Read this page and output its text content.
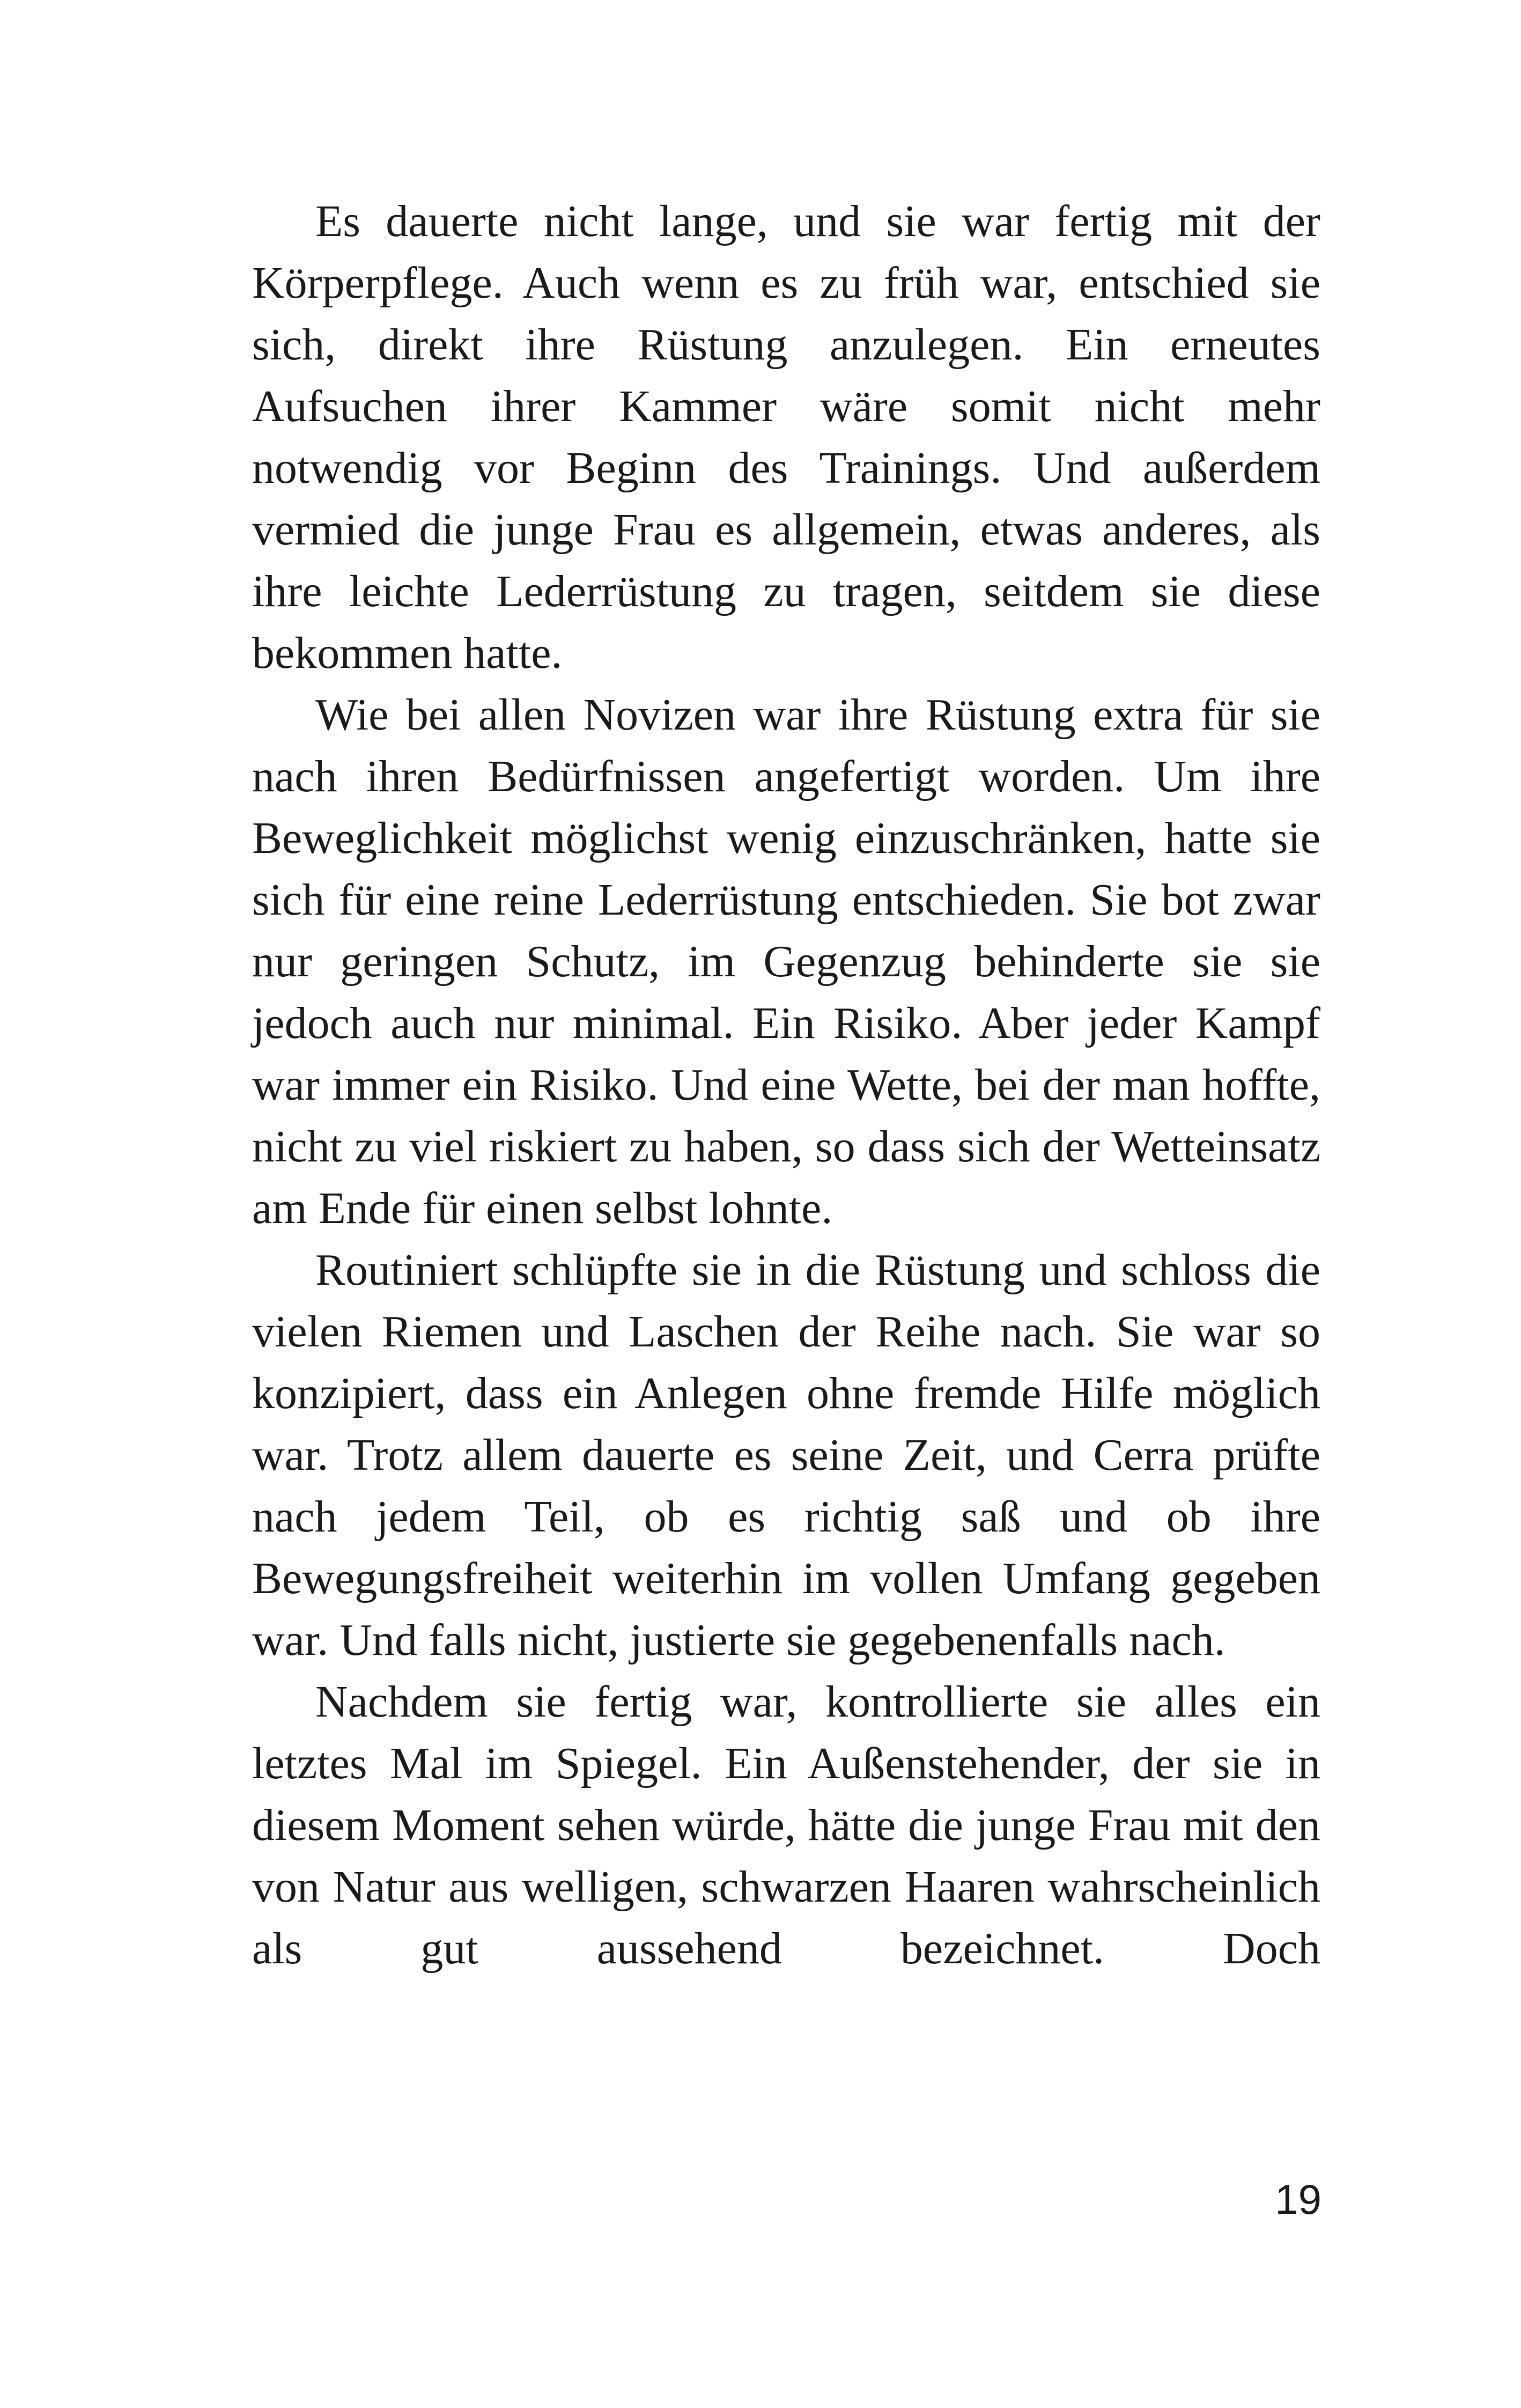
Es dauerte nicht lange, und sie war fertig mit der Körperpflege. Auch wenn es zu früh war, entschied sie sich, direkt ihre Rüstung anzulegen. Ein erneutes Aufsuchen ihrer Kammer wäre somit nicht mehr notwendig vor Beginn des Trainings. Und außerdem vermied die junge Frau es allgemein, etwas anderes, als ihre leichte Lederrüstung zu tragen, seitdem sie diese bekommen hatte.

Wie bei allen Novizen war ihre Rüstung extra für sie nach ihren Bedürfnissen angefertigt worden. Um ihre Beweglichkeit möglichst wenig einzuschränken, hatte sie sich für eine reine Lederrüstung entschieden. Sie bot zwar nur geringen Schutz, im Gegenzug behinderte sie sie jedoch auch nur minimal. Ein Risiko. Aber jeder Kampf war immer ein Risiko. Und eine Wette, bei der man hoffte, nicht zu viel riskiert zu haben, so dass sich der Wetteinsatz am Ende für einen selbst lohnte.

Routiniert schlüpfte sie in die Rüstung und schloss die vielen Riemen und Laschen der Reihe nach. Sie war so konzipiert, dass ein Anlegen ohne fremde Hilfe möglich war. Trotz allem dauerte es seine Zeit, und Cerra prüfte nach jedem Teil, ob es richtig saß und ob ihre Bewegungsfreiheit weiterhin im vollen Umfang gegeben war. Und falls nicht, justierte sie gegebenenfalls nach.

Nachdem sie fertig war, kontrollierte sie alles ein letztes Mal im Spiegel. Ein Außenstehender, der sie in diesem Moment sehen würde, hätte die junge Frau mit den von Natur aus welligen, schwarzen Haaren wahrscheinlich als gut aussehend bezeichnet. Doch

19
